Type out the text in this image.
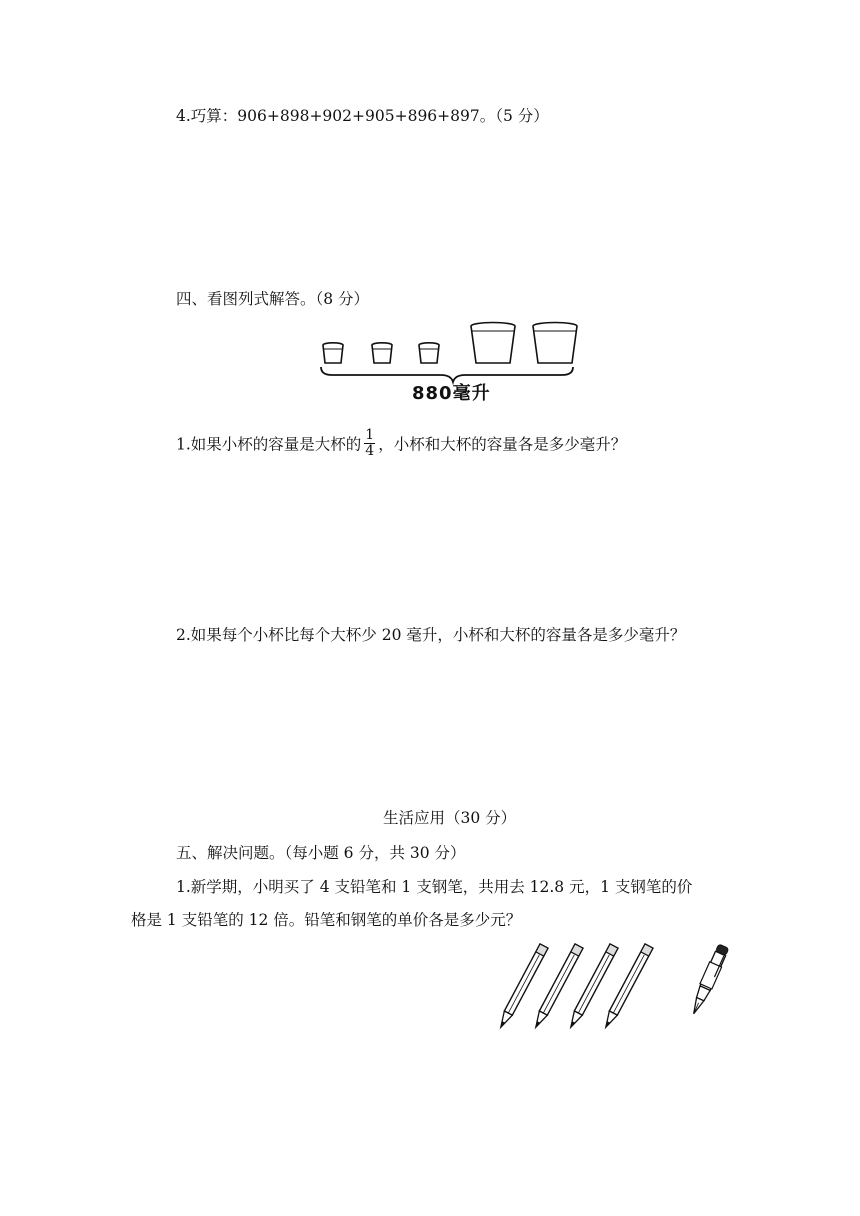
4.巧算：906+898+902+905+896+897。（5 分）
四、看图列式解答。（8 分）
880毫升
1.如果小杯的容量是大杯的 $\frac{1}{4}$ ，小杯和大杯的容量各是多少毫升？
2.如果每个小杯比每个大杯少 20 毫升，小杯和大杯的容量各是多少毫升？
生活应用（30 分）
五、解决问题。（每小题 6 分，共 30 分）
1.新学期，小明买了 4 支铅笔和 1 支钢笔，共用去 12.8 元，1 支钢笔的价
格是 1 支铅笔的 12 倍。铅笔和钢笔的单价各是多少元？
